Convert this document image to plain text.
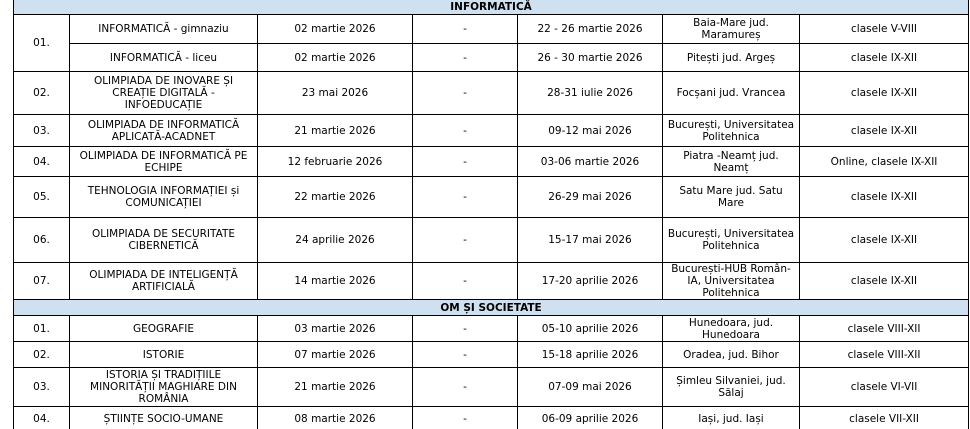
INFORMATICĂ						
01.	INFORMATICĂ - gimnaziu	02 martie 2026	-	22 - 26 martie 2026	Baia-Mare jud. Maramureș	clasele V-VIII
	INFORMATICĂ - liceu	02 martie 2026	-	26 - 30 martie 2026	Pitești jud. Argeș	clasele IX-XII
02.	OLIMPIADA DE INOVARE ȘI CREAȚIE DIGITALĂ - INFOEDUCAȚIE	23 mai 2026	-	28-31 iulie 2026	Focșani jud. Vrancea	clasele IX-XII
03.	OLIMPIADA DE INFORMATICĂ APLICATĂ-ACADNET	21 martie 2026	-	09-12 mai 2026	București, Universitatea Politehnica	clasele IX-XII
04.	OLIMPIADA DE INFORMATICĂ PE ECHIPE	12 februarie 2026	-	03-06 martie 2026	Piatra -Neamț jud. Neamț	Online, clasele IX-XII
05.	TEHNOLOGIA INFORMAȚIEI și COMUNICAȚIEI	22 martie 2026	-	26-29 mai 2026	Satu Mare jud. Satu Mare	clasele IX-XII
06.	OLIMPIADA DE SECURITATE CIBERNETICĂ	24 aprilie 2026	-	15-17 mai 2026	București, Universitatea Politehnica	clasele IX-XII
07.	OLIMPIADA DE INTELIGENȚĂ ARTIFICIALĂ	14 martie 2026	-	17-20 aprilie 2026	București-HUB Român-IA, Universitatea Politehnica	clasele IX-XII
OM ȘI SOCIETATE						
01.	GEOGRAFIE	03 martie 2026	-	05-10 aprilie 2026	Hunedoara, jud. Hunedoara	clasele VIII-XII
02.	ISTORIE	07 martie 2026	-	15-18 aprilie 2026	Oradea, jud. Bihor	clasele VIII-XII
03.	ISTORIA ȘI TRADIȚIILE MINORITĂȚII MAGHIARE DIN ROMÂNIA	21 martie 2026	-	07-09 mai 2026	Șimleu Silvaniei, jud. Sălaj	clasele VI-VII
04.	ȘTIINȚE SOCIO-UMANE	08 martie 2026	-	06-09 aprilie 2026	Iași, jud. Iași	clasele VII-XII
